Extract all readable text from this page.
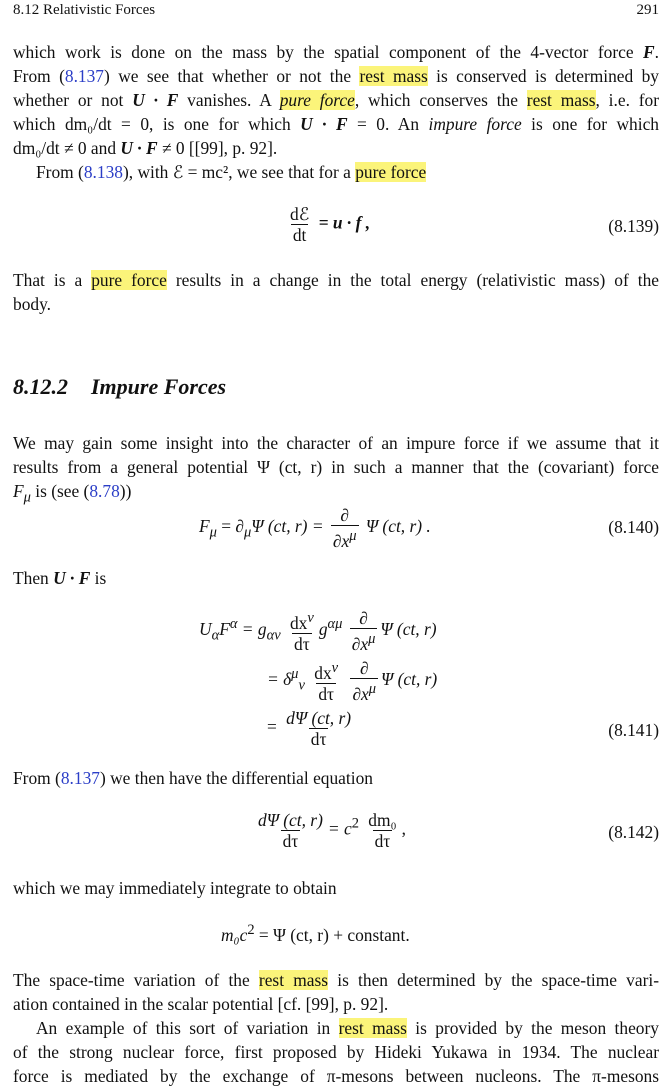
8.12 Relativistic Forces	291
which work is done on the mass by the spatial component of the 4-vector force F.
From (8.137) we see that whether or not the rest mass is conserved is determined by
whether or not U · F vanishes. A pure force, which conserves the rest mass, i.e. for
which dm₀/dt = 0, is one for which U · F = 0. An impure force is one for which
dm₀/dt ≠ 0 and U · F ≠ 0 [[99], p. 92].
From (8.138), with ℰ = mc², we see that for a pure force
$\frac{\text{dℰ}}{dt} = u \cdot f$ ,	(8.139)
That is a pure force results in a change in the total energy (relativistic mass) of the
body.
8.12.2 Impure Forces
We may gain some insight into the character of an impure force if we assume that it
results from a general potential Ψ (ct, r) in such a manner that the (covariant) force
$F_\mu$ is (see (8.78))
$F_\mu = \partial_\mu\Psi$ (ct, $r) = \frac{\partial}{\partial x^\mu}$ Ψ (ct, r) .	(8.140)
Then U · F is
$U_\alpha F^\alpha = g_{\alpha\nu} \frac{dx^\nu}{d\tau} g^{\alpha\mu} \frac{\partial}{\partial x^\mu}$ Ψ (ct, r)
= $\delta^\mu_\nu \frac{dx^\nu}{d\tau}$
$\frac{\partial}{\partial x^\mu}$ Ψ (ct, r)
= $\frac{d\Psi (ct, r)}{d\tau}$	(8.141)
From (8.137) we then have the differential equation
$\frac{d\Psi (ct, r)}{d\tau} = c^2 \frac{\text{dm₀}}{d\tau}$ ,	(8.142)
which we may immediately integrate to obtain
$m_0c^2 = \Psi$ (ct, r) + constant.
The space-time variation of the rest mass is then determined by the space-time vari-
ation contained in the scalar potential [cf. [99], p. 92].
An example of this sort of variation in rest mass is provided by the meson theory
of the strong nuclear force, first proposed by Hideki Yukawa in 1934. The nuclear
force is mediated by the exchange of π-mesons between nucleons. The π-mesons
